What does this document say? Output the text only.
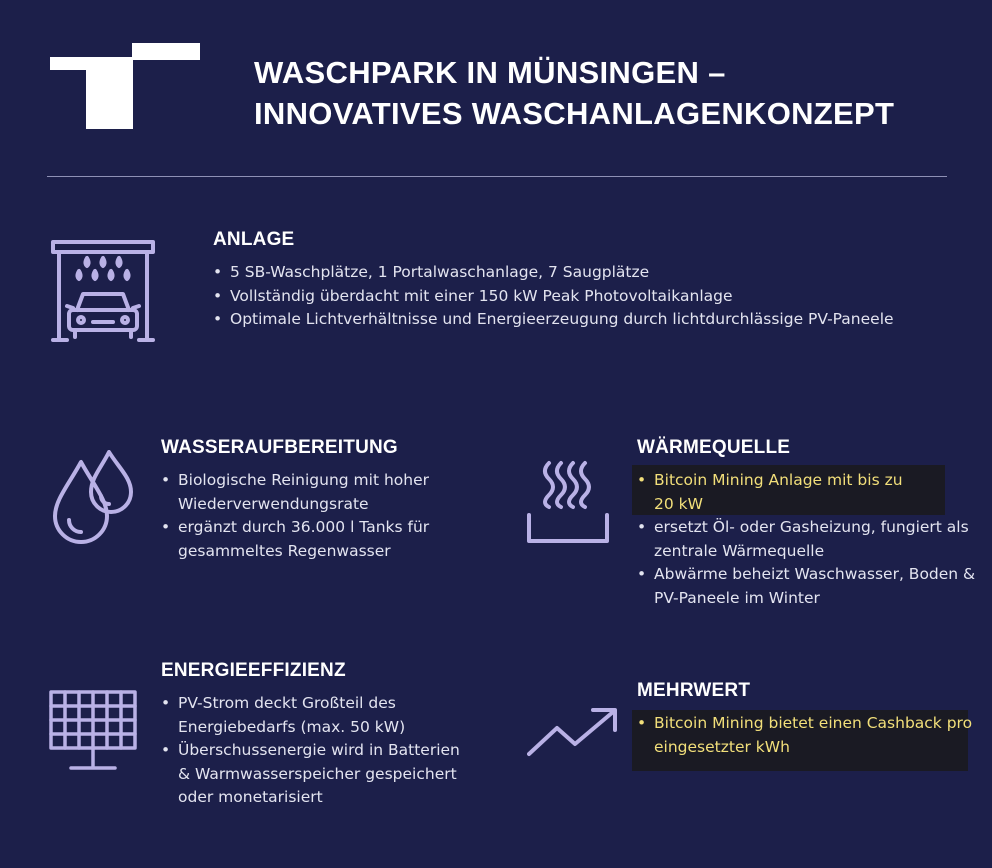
WASCHPARK IN MÜNSINGEN –
INNOVATIVES WASCHANLAGENKONZEPT
ANLAGE
• 5 SB-Waschplätze, 1 Portalwaschanlage, 7 Saugplätze
• Vollständig überdacht mit einer 150 kW Peak Photovoltaikanlage
• Optimale Lichtverhältnisse und Energieerzeugung durch lichtdurchlässige PV-Paneele
WASSERAUFBEREITUNG
• Biologische Reinigung mit hoher Wiederverwendungsrate
• ergänzt durch 36.000 l Tanks für gesammeltes Regenwasser
WÄRMEQUELLE
• Bitcoin Mining Anlage mit bis zu 20 kW
• ersetzt Öl- oder Gasheizung, fungiert als zentrale Wärmequelle
• Abwärme beheizt Waschwasser, Boden & PV-Paneele im Winter
ENERGIEEFFIZIENZ
• PV-Strom deckt Großteil des Energiebedarfs (max. 50 kW)
• Überschussenergie wird in Batterien & Warmwasserspeicher gespeichert oder monetarisiert
MEHRWERT
• Bitcoin Mining bietet einen Cashback pro eingesetzter kWh
